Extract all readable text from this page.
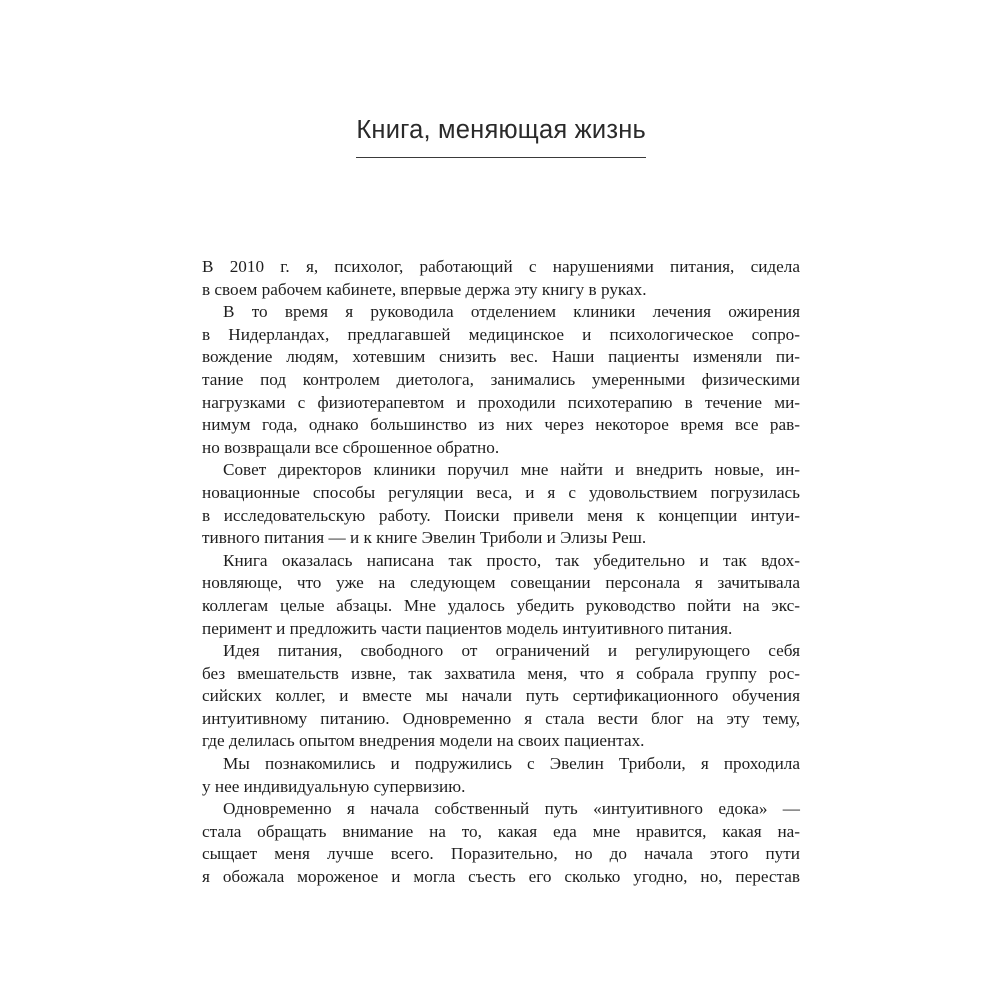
Книга, меняющая жизнь
В 2010 г. я, психолог, работающий с нарушениями питания, сидела
в своем рабочем кабинете, впервые держа эту книгу в руках.
В то время я руководила отделением клиники лечения ожирения
в Нидерландах, предлагавшей медицинское и психологическое сопро-
вождение людям, хотевшим снизить вес. Наши пациенты изменяли пи-
тание под контролем диетолога, занимались умеренными физическими
нагрузками с физиотерапевтом и проходили психотерапию в течение ми-
нимум года, однако большинство из них через некоторое время все рав-
но возвращали все сброшенное обратно.
Совет директоров клиники поручил мне найти и внедрить новые, ин-
новационные способы регуляции веса, и я с удовольствием погрузилась
в исследовательскую работу. Поиски привели меня к концепции интуи-
тивного питания — и к книге Эвелин Триболи и Элизы Реш.
Книга оказалась написана так просто, так убедительно и так вдох-
новляюще, что уже на следующем совещании персонала я зачитывала
коллегам целые абзацы. Мне удалось убедить руководство пойти на экс-
перимент и предложить части пациентов модель интуитивного питания.
Идея питания, свободного от ограничений и регулирующего себя
без вмешательств извне, так захватила меня, что я собрала группу рос-
сийских коллег, и вместе мы начали путь сертификационного обучения
интуитивному питанию. Одновременно я стала вести блог на эту тему,
где делилась опытом внедрения модели на своих пациентах.
Мы познакомились и подружились с Эвелин Триболи, я проходила
у нее индивидуальную супервизию.
Одновременно я начала собственный путь «интуитивного едока» —
стала обращать внимание на то, какая еда мне нравится, какая на-
сыщает меня лучше всего. Поразительно, но до начала этого пути
я обожала мороженое и могла съесть его сколько угодно, но, перестав
